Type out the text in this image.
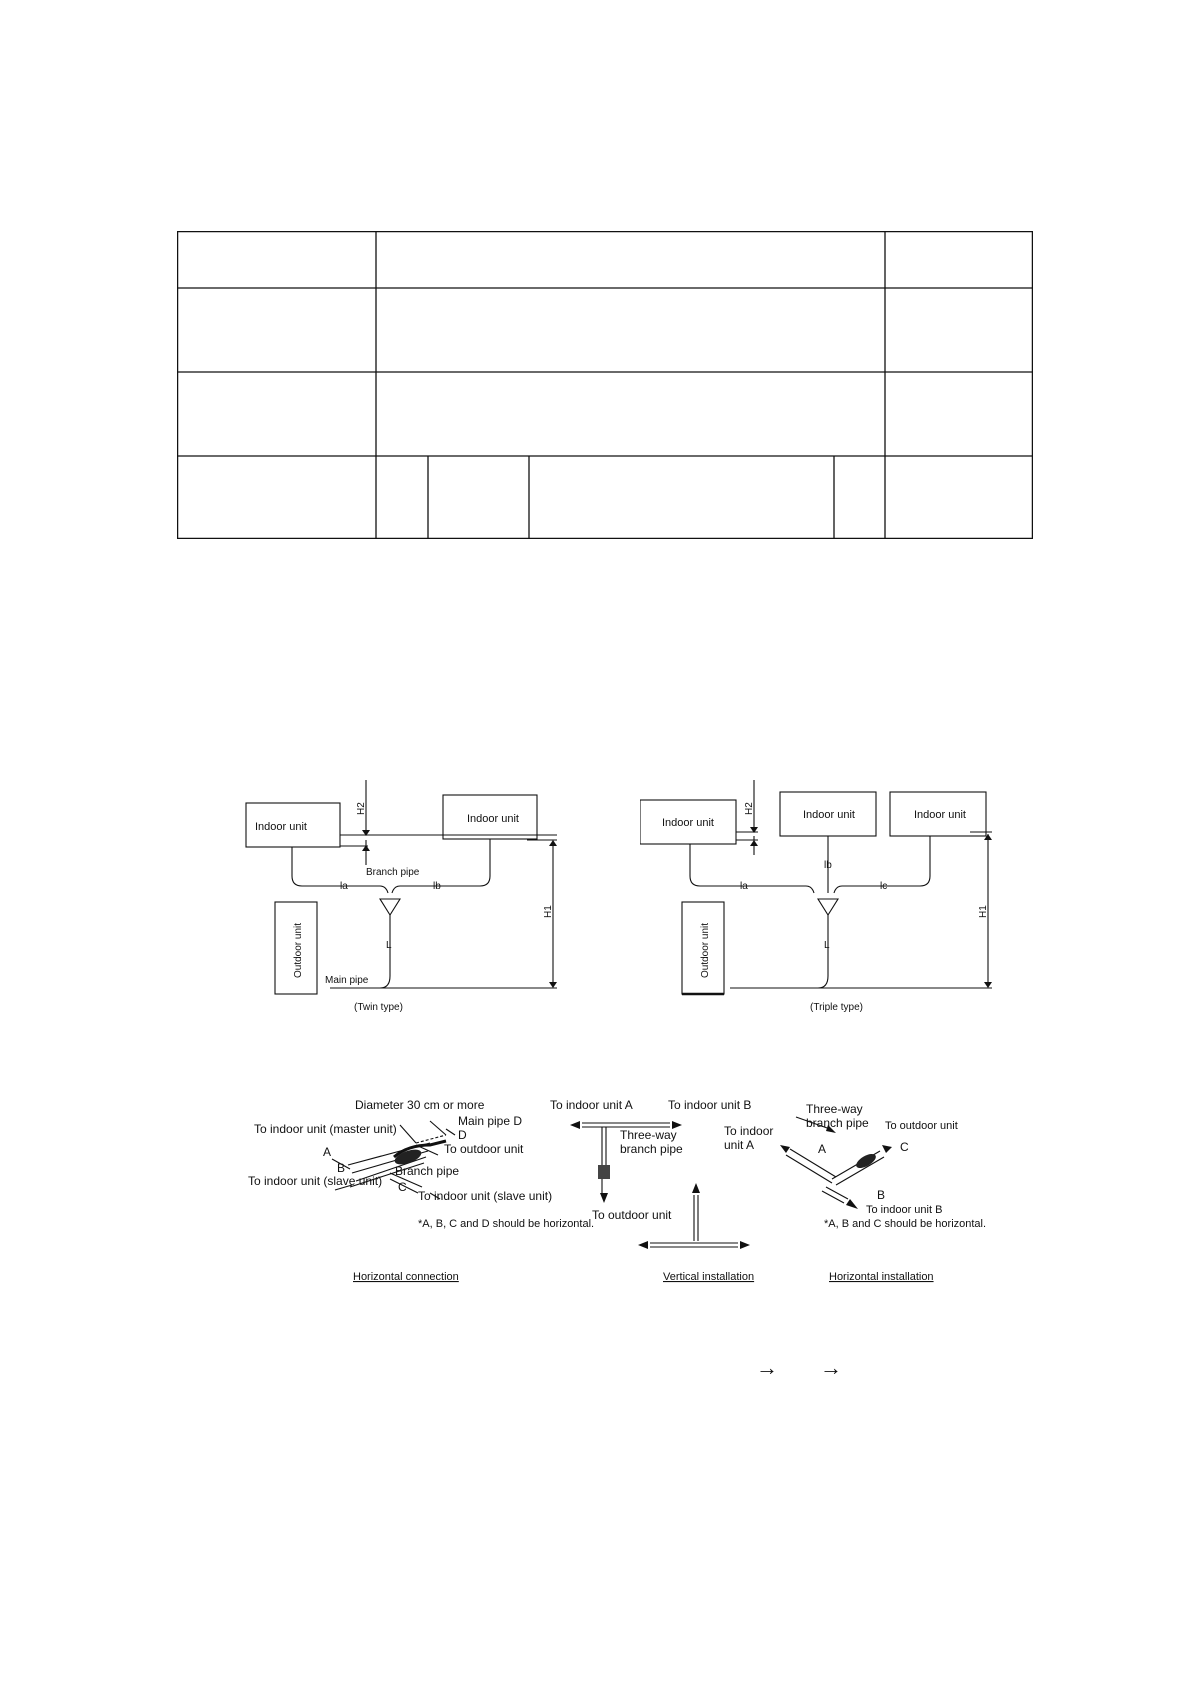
Indoor unit
Indoor unit
H2
H1
Branch pipe
la	lb
Outdoor unit	L
Main pipe
(Twin type)
Indoor unit
Indoor unit	Indoor unit
H2
H1
la
lb
lc
Outdoor unit	L
(Triple type)
Diameter 30 cm or more
Main pipe D
To indoor unit (master unit)
A
D
To outdoor unit
B	Branch pipe
To indoor unit (slave unit) C
To indoor unit (slave unit)
*A, B, C and D should be horizontal.
Horizontal connection
To indoor unit A	To indoor unit B
Three-way
branch pipe
To indoor
unit A
To outdoor unit
Vertical installation
Three-way
branch pipe To outdoor unit
A	C
B
To indoor unit B
*A, B and C should be horizontal.
Horizontal installation
→ →
